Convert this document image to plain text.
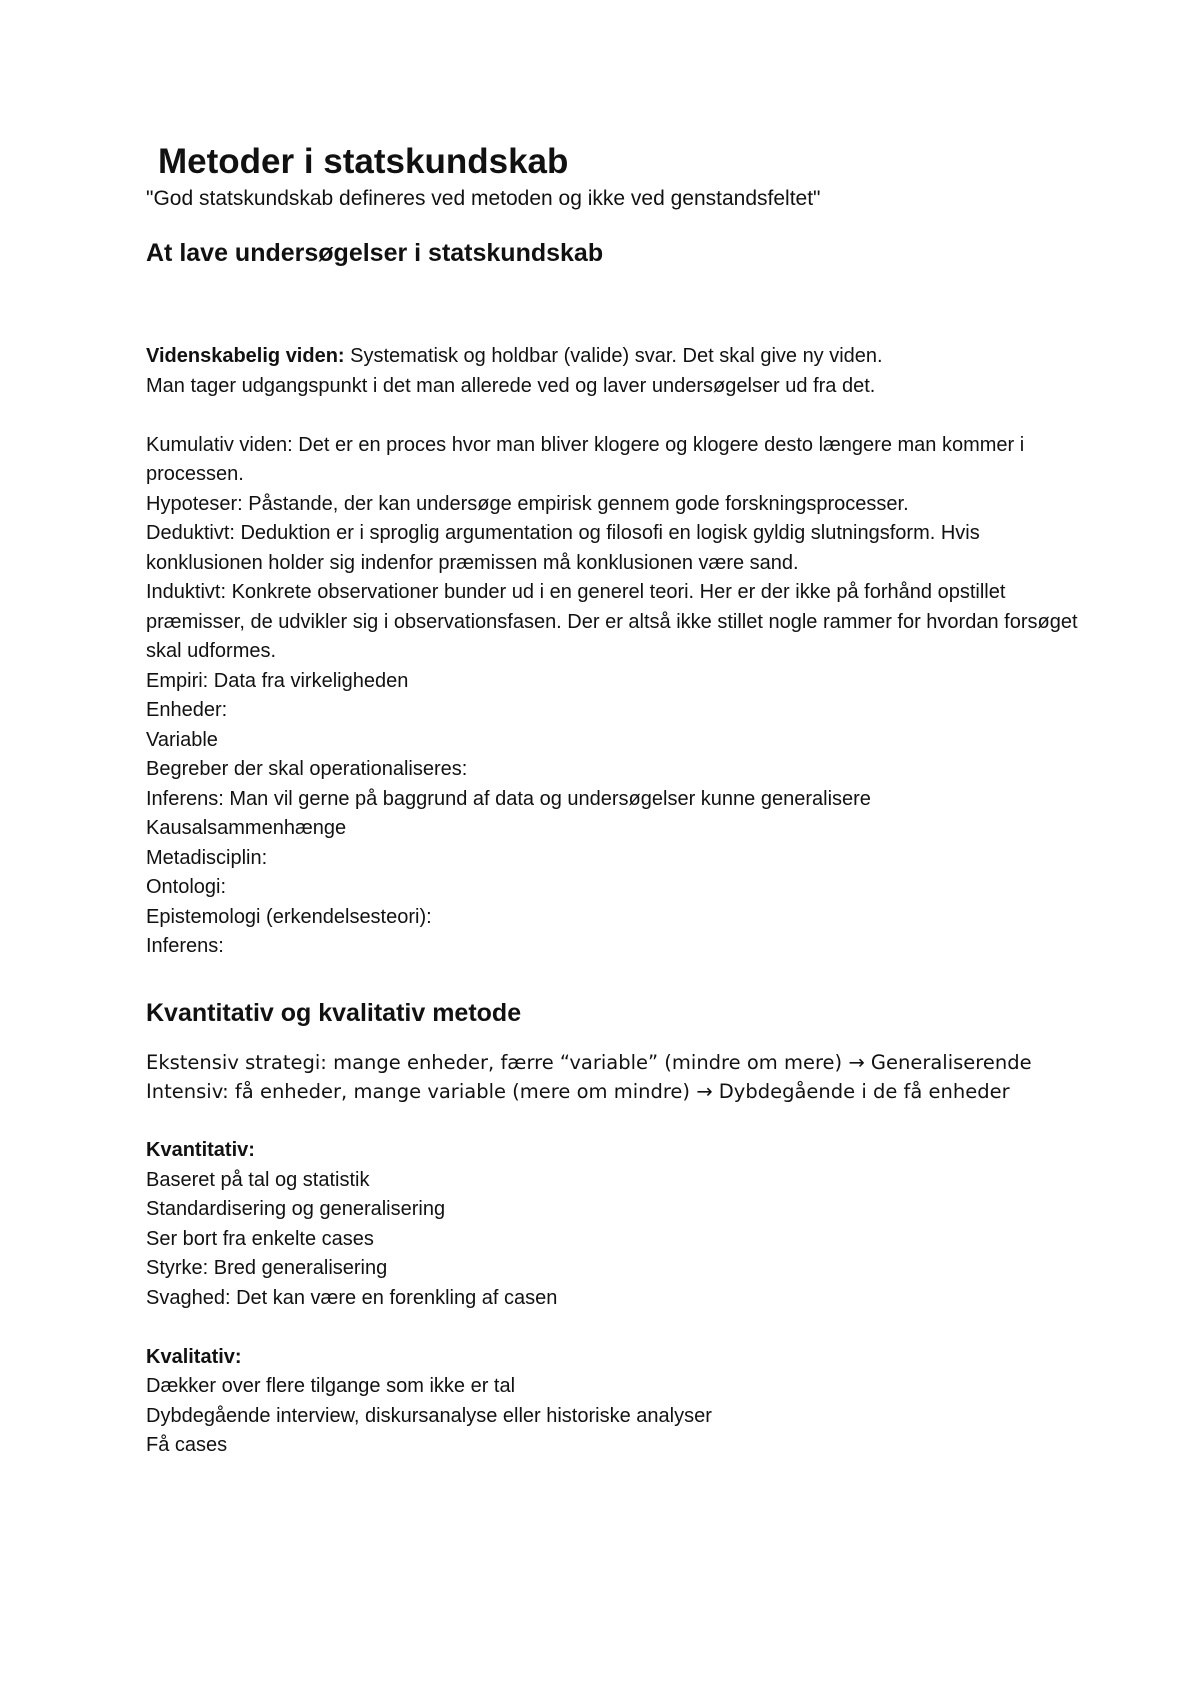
Metoder i statskundskab

"God statskundskab defineres ved metoden og ikke ved genstandsfeltet"

At lave undersøgelser i statskundskab

Videnskabelig viden: Systematisk og holdbar (valide) svar. Det skal give ny viden.

Man tager udgangspunkt i det man allerede ved og laver undersøgelser ud fra det.

Kumulativ viden: Det er en proces hvor man bliver klogere og klogere desto længere man kommer i processen.

Hypoteser: Påstande, der kan undersøge empirisk gennem gode forskningsprocesser.

Deduktivt: Deduktion er i sproglig argumentation og filosofi en logisk gyldig slutningsform. Hvis konklusionen holder sig indenfor præmissen må konklusionen være sand.

Induktivt: Konkrete observationer bunder ud i en generel teori. Her er der ikke på forhånd opstillet præmisser, de udvikler sig i observationsfasen. Der er altså ikke stillet nogle rammer for hvordan forsøget skal udformes.

Empiri: Data fra virkeligheden

Enheder:

Variable

Begreber der skal operationaliseres:

Inferens: Man vil gerne på baggrund af data og undersøgelser kunne generalisere

Kausalsammenhænge

Metadisciplin:

Ontologi:

Epistemologi (erkendelsesteori):

Inferens:

Kvantitativ og kvalitativ metode

Ekstensiv strategi: mange enheder, færre “variable” (mindre om mere) → Generaliserende

Intensiv: få enheder, mange variable (mere om mindre) → Dybdegående i de få enheder

Kvantitativ:

Baseret på tal og statistik

Standardisering og generalisering

Ser bort fra enkelte cases

Styrke: Bred generalisering

Svaghed: Det kan være en forenkling af casen

Kvalitativ:

Dækker over flere tilgange som ikke er tal

Dybdegående interview, diskursanalyse eller historiske analyser

Få cases
